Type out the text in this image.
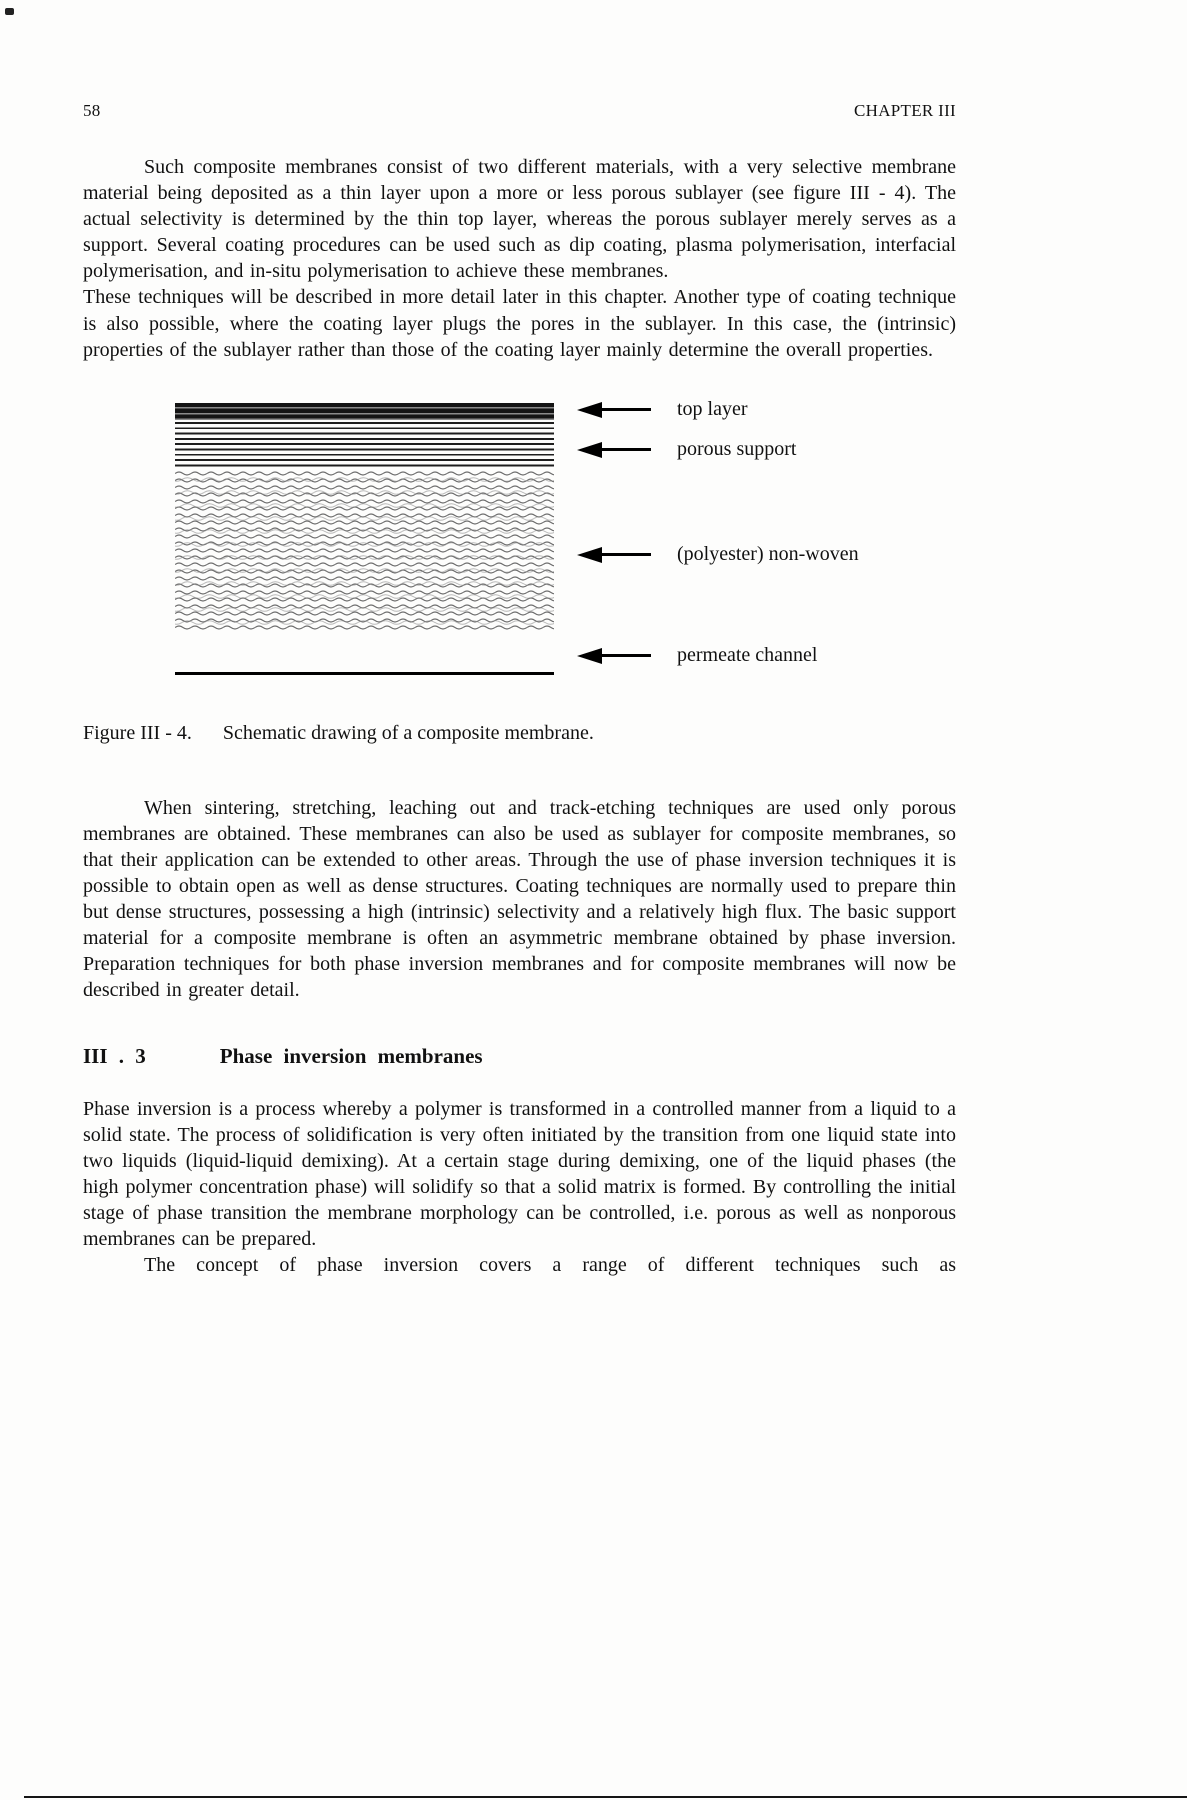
58	CHAPTER III

Such composite membranes consist of two different materials, with a very selective membrane material being deposited as a thin layer upon a more or less porous sublayer (see figure III - 4). The actual selectivity is determined by the thin top layer, whereas the porous sublayer merely serves as a support. Several coating procedures can be used such as dip coating, plasma polymerisation, interfacial polymerisation, and in-situ polymerisation to achieve these membranes.

These techniques will be described in more detail later in this chapter. Another type of coating technique is also possible, where the coating layer plugs the pores in the sublayer. In this case, the (intrinsic) properties of the sublayer rather than those of the coating layer mainly determine the overall properties.

top layer
porous support
(polyester) non-woven
permeate channel

Figure III - 4. Schematic drawing of a composite membrane.

When sintering, stretching, leaching out and track-etching techniques are used only porous membranes are obtained. These membranes can also be used as sublayer for composite membranes, so that their application can be extended to other areas. Through the use of phase inversion techniques it is possible to obtain open as well as dense structures. Coating techniques are normally used to prepare thin but dense structures, possessing a high (intrinsic) selectivity and a relatively high flux. The basic support material for a composite membrane is often an asymmetric membrane obtained by phase inversion. Preparation techniques for both phase inversion membranes and for composite membranes will now be described in greater detail.

III . 3	Phase inversion membranes

Phase inversion is a process whereby a polymer is transformed in a controlled manner from a liquid to a solid state. The process of solidification is very often initiated by the transition from one liquid state into two liquids (liquid-liquid demixing). At a certain stage during demixing, one of the liquid phases (the high polymer concentration phase) will solidify so that a solid matrix is formed. By controlling the initial stage of phase transition the membrane morphology can be controlled, i.e. porous as well as nonporous membranes can be prepared.

The concept of phase inversion covers a range of different techniques such as
